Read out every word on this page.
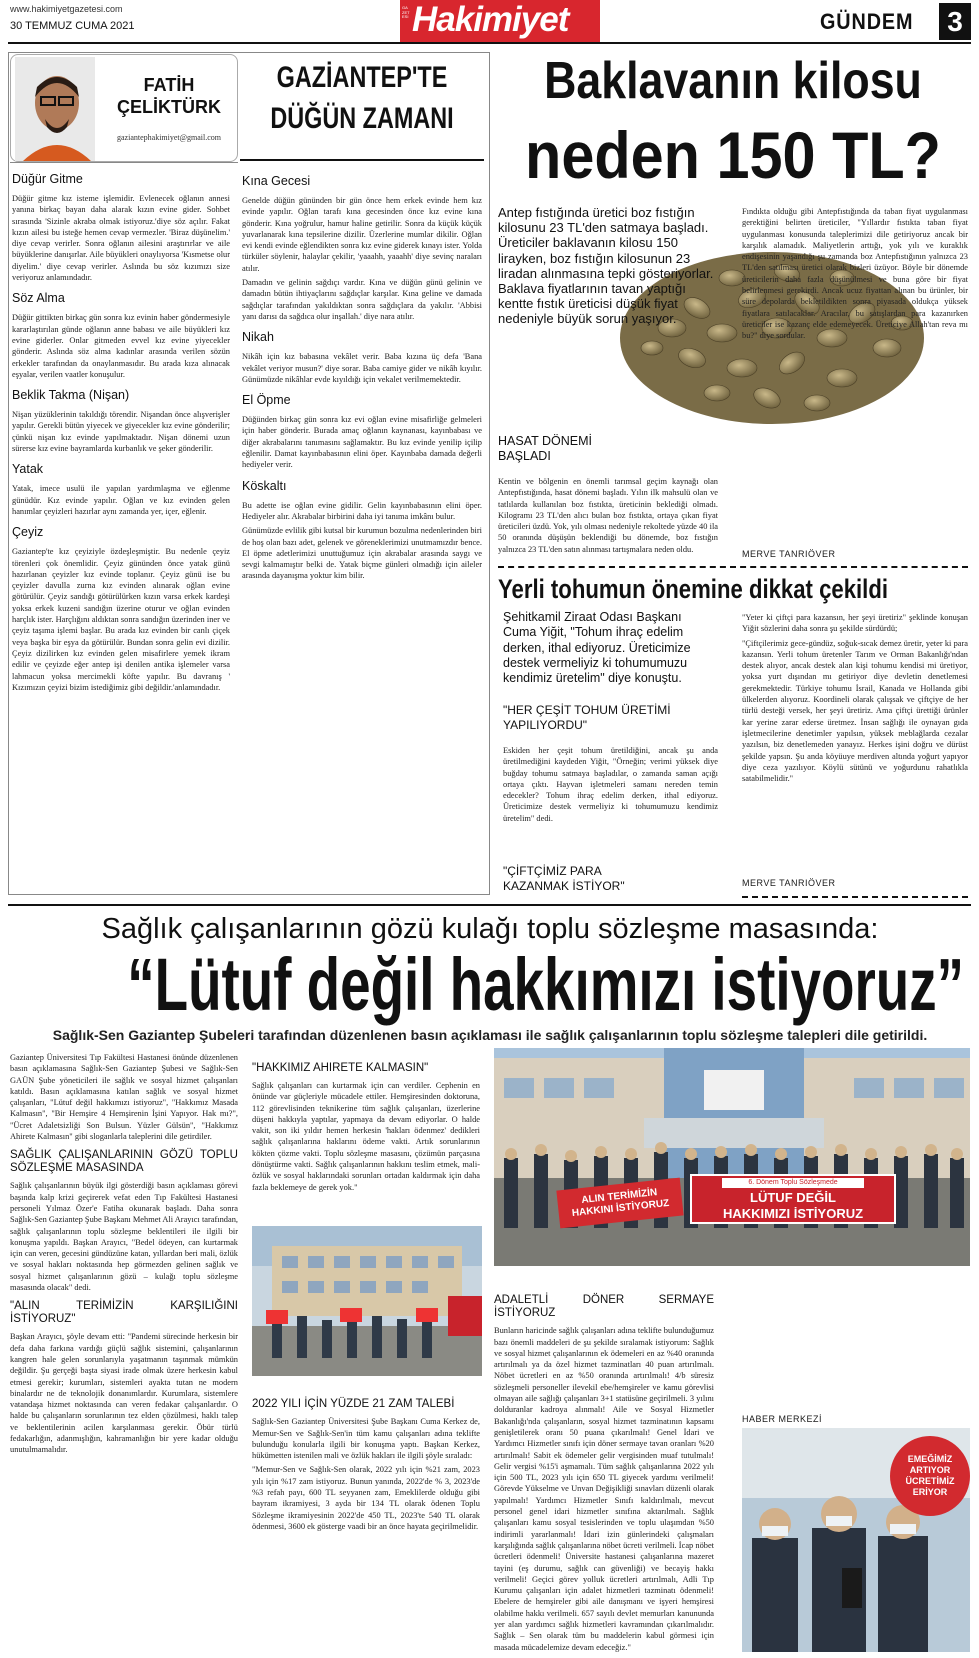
www.hakimiyetgazetesi.com
30 TEMMUZ CUMA 2021
GAZETESİ Hakimiyet	GÜNDEM 3
FATİH
ÇELİKTÜRK
gaziantephakimiyet@gmail.com
GAZİANTEP'TE
DÜĞÜN ZAMANI
Düğür Gitme

Düğür gitme kız isteme işlemidir. Evlenecek oğlanın annesi yanına birkaç bayan daha alarak kızın evine gider. Sohbet sırasında 'Sizinle akraba olmak istiyoruz.'diye söz açılır. Fakat kızın ailesi bu isteğe hemen cevap vermezler. 'Biraz düşünelim.' diye cevap verirler. Sonra oğlanın ailesini araştırırlar ve aile büyüklerine danışırlar. Aile büyükleri onaylıyorsa 'Kısmetse olur diyelim.' diye cevap verirler. Aslında bu söz kızımızı size veriyoruz anlamındadır.

Söz Alma

Düğür gittikten birkaç gün sonra kız evinin haber göndermesiyle kararlaştırılan günde oğlanın anne babası ve aile büyükleri kız evine giderler. Onlar gitmeden evvel kız evine yiyecekler gönderir. Aslında söz alma kadınlar arasında verilen sözün erkekler tarafından da onaylanmasıdır. Bu arada kıza alınacak eşyalar, verilen vaatler konuşulur.

Beklik Takma (Nişan)

Nişan yüzüklerinin takıldığı törendir. Nişandan önce alışverişler yapılır. Gerekli bütün yiyecek ve giyecekler kız evine gönderilir; çünkü nişan kız evinde yapılmaktadır. Nişan dönemi uzun sürerse kız evine bayramlarda kurbanlık ve şeker gönderilir.

Yatak

Yatak, imece usulü ile yapılan yardımlaşma ve eğlenme günüdür. Kız evinde yapılır. Oğlan ve kız evinden gelen hanımlar çeyizleri hazırlar aynı zamanda yer, içer, eğlenir.

Çeyiz

Gaziantep'te kız çeyiziyle özdeşleşmiştir. Bu nedenle çeyiz törenleri çok önemlidir. Çeyiz gününden önce yatak günü hazırlanan çeyizler kız evinde toplanır. Çeyiz günü ise bu çeyizler davulla zurna kız evinden alınarak oğlan evine götürülür. Çeyiz sandığı götürülürken kızın varsa erkek kardeşi yoksa erkek kuzeni sandığın üzerine oturur ve oğlan evinden harçlık ister. Harçlığını aldıktan sonra sandığın üzerinden iner ve çeyiz taşıma işlemi başlar. Bu arada kız evinden bir canlı çiçek veya başka bir eşya da götürülür. Bundan sonra gelin evi dizilir. Çeyiz dizilirken kız evinden gelen misafirlere yemek ikram edilir ve çeyizde eğer antep işi denilen antika işlemeler varsa lahmacun yoksa mercimekli köfte yapılır. Bu davranış ' Kızımızın çeyizi bizim istediğimiz gibi değildir.'anlamındadır.

Kına Gecesi

Genelde düğün gününden bir gün önce hem erkek evinde hem kız evinde yapılır. Oğlan tarafı kına gecesinden önce kız evine kına gönderir. Kına yoğrulur, hamur haline getirilir. Sonra da küçük küçük yuvarlanarak kına tepsilerine dizilir. Üzerlerine mumlar dikilir. Oğlan evi kendi evinde eğlendikten sonra kız evine giderek kınayı ister. Yolda türküler söylenir, halaylar çekilir, 'yaaahh, yaaahh' diye sevinç naraları atılır.

Damadın ve gelinin sağdıçı vardır. Kına ve düğün günü gelinin ve damadın bütün ihtiyaçlarını sağdıçlar karşılar. Kına geline ve damada sağdıçlar tarafından yakıldıktan sonra sağdıçlara da yakılır. 'Abbisi yanı darısı da sağdıca olur inşallah.' diye nara atılır.

Nikah

Nikâh için kız babasına vekâlet verir. Baba kızına üç defa 'Bana vekâlet veriyor musun?' diye sorar. Baba camiye gider ve nikâh kıyılır. Günümüzde nikâhlar evde kıyıldığı için vekalet verilmemektedir.

El Öpme

Düğünden birkaç gün sonra kız evi oğlan evine misafirliğe gelmeleri için haber gönderir. Burada amaç oğlanın kaynanası, kayınbabası ve diğer akrabalarını tanımasını sağlamaktır. Bu kız evinde yenilip içilip eğlenilir. Damat kayınbabasının elini öper. Kayınbaba damada değerli hediyeler verir.

Köskaltı

Bu adette ise oğlan evine gidilir. Gelin kayınbabasının elini öper. Hediyeler alır. Akrabalar birbirini daha iyi tanıma imkânı bulur.

Günümüzde evlilik gibi kutsal bir kurumun bozulma nedenlerinden biri de hoş olan bazı adet, gelenek ve göreneklerimizi unutmamızdır bence. El öpme adetlerimizi unuttuğumuz için akrabalar arasında saygı ve sevgi kalmamıştır belki de. Yatak biçme günleri olmadığı için aileler arasında dayanışma yoktur kim bilir.

Baklavanın kilosu
neden 150 TL?
Antep fıstığında üretici boz fıstığın kilosunu 23 TL'den satmaya başladı. Üreticiler baklavanın kilosu 150 lirayken, boz fıstığın kilosunun 23 liradan alınmasına tepki gösteriyorlar. Baklava fiyatlarının tavan yaptığı kentte fıstık üreticisi düşük fiyat nedeniyle büyük sorun yaşıyor.
HASAT DÖNEMİ BAŞLADI

Kentin ve bölgenin en önemli tarımsal geçim kaynağı olan Antepfıstığında, hasat dönemi başladı. Yılın ilk mahsulü olan ve tatlılarda kullanılan boz fıstıkta, üreticinin beklediği olmadı. Kilogramı 23 TL'den alıcı bulan boz fıstıkta, ortaya çıkan fiyat üreticileri üzdü. Yok, yılı olması nedeniyle rekoltede yüzde 40 ila 50 oranında düşüşün beklendiği bu dönemde, boz fıstığın yalnızca 23 TL'den satın alınması tartışmalara neden oldu.

Fındıkta olduğu gibi Antepfıstığında da taban fiyat uygulanması gerektiğini belirten üreticiler, "Yıllardır fıstıkta taban fiyat uygulanması konusunda taleplerimizi dile getiriyoruz ancak bir karşılık alamadık. Maliyetlerin arttığı, yok yılı ve kuraklık endişesinin yaşandığı şu zamanda boz Antepfıstığının yalnızca 23 TL'den satılması üretici olarak bizleri üzüyor. Böyle bir dönemde üreticilerin daha fazla düşünülmesi ve buna göre bir fiyat belirlenmesi gerekirdi. Ancak ucuz fiyattan alınan bu ürünler, bir süre depolarda bekletildikten sonra piyasada oldukça yüksek fiyatlara satılacaklar. Aracılar, bu satışlardan para kazanırken üreticiler ise kazanç elde edemeyecek. Üreticiye Allah'tan reva mı bu?" diye sordular.

MERVE TANRIÖVER
Yerli tohumun önemine dikkat çekildi
Şehitkamil Ziraat Odası Başkanı Cuma Yiğit, "Tohum ihraç edelim derken, ithal ediyoruz. Üreticimize destek vermeliyiz ki tohumumuzu kendimiz üretelim" diye konuştu.
"HER ÇEŞİT TOHUM ÜRETİMİ YAPILIYORDU"

Eskiden her çeşit tohum üretildiğini, ancak şu anda üretilmediğini kaydeden Yiğit, "Örneğin; verimi yüksek diye buğday tohumu satmaya başladılar, o zamanda saman açığı ortaya çıktı. Hayvan işletmeleri samanı nereden temin edecekler? Tohum ihraç edelim derken, ithal ediyoruz. Üreticimize destek vermeliyiz ki tohumumuzu kendimiz üretelim" dedi.

"ÇİFTÇİMİZ PARA KAZANMAK İSTİYOR"

"Yeter ki çiftçi para kazansın, her şeyi üretiriz" şeklinde konuşan Yiğit sözlerini daha sonra şu şekilde sürdürdü;

"Çiftçilerimiz gece-gündüz, soğuk-sıcak demez üretir, yeter ki para kazansın. Yerli tohum üretenler Tarım ve Orman Bakanlığı'ndan destek alıyor, ancak destek alan kişi tohumu kendisi mi üretiyor, yoksa yurt dışından mı getiriyor diye devletin denetlemesi gerekmektedir. Türkiye tohumu İsrail, Kanada ve Hollanda gibi ülkelerden alıyoruz. Koordineli olarak çalışsak ve çiftçiye de her türlü desteği versek, her şeyi üretiriz. Ama çiftçi ürettiği ürünler kar yerine zarar ederse üretmez. İnsan sağlığı ile oynayan gıda işletmecilerine denetimler yapılsın, yüksek meblağlarda cezalar yazılsın, biz denetlemeden yanayız. Herkes işini doğru ve dürüst şekilde yapsın. Şu anda köyüuye merdiven altında yoğurt yapıyor diye ceza yazılıyor. Köylü sütünü ve yoğurdunu rahatlıkla satabilmelidir."

MERVE TANRIÖVER
Sağlık çalışanlarının gözü kulağı toplu sözleşme masasında:
“Lütuf değil hakkımızı istiyoruz”
Sağlık-Sen Gaziantep Şubeleri tarafından düzenlenen basın açıklaması ile sağlık çalışanlarının toplu sözleşme talepleri dile getirildi.

Gaziantep Üniversitesi Tıp Fakültesi Hastanesi önünde düzenlenen basın açıklamasına Sağlık-Sen Gaziantep Şubesi ve Sağlık-Sen GAÜN Şube yöneticileri ile sağlık ve sosyal hizmet çalışanları katıldı. Basın açıklamasına katılan sağlık ve sosyal hizmet çalışanları, "Lütuf değil hakkımızı istiyoruz", "Hakkımız Masada Kalmasın", "Bir Hemşire 4 Hemşirenin İşini Yapıyor. Hak mı?", "Ücret Adaletsizliği Son Bulsun. Yüzler Gülsün", "Hakkımız Ahirete Kalmasın" gibi sloganlarla taleplerini dile getirdiler.

SAĞLIK ÇALIŞANLARININ GÖZÜ TOPLU SÖZLEŞME MASASINDA

Sağlık çalışanlarının büyük ilgi gösterdiği basın açıklaması görevi başında kalp krizi geçirerek vefat eden Tıp Fakültesi Hastanesi personeli Yılmaz Özer'e Fatiha okunarak başladı. Daha sonra Sağlık-Sen Gaziantep Şube Başkanı Mehmet Ali Arayıcı tarafından, sağlık çalışanlarının toplu sözleşme beklentileri ile ilgili bir konuşma yapıldı. Başkan Arayıcı, "Bedel ödeyen, can kurtarmak için can veren, gecesini gündüzüne katan, yıllardan beri mali, özlük ve sosyal hakları noktasında hep görmezden gelinen sağlık ve sosyal hizmet çalışanlarının gözü – kulağı toplu sözleşme masasında olacak" dedi.

"ALIN TERİMİZİN KARŞILIĞINI İSTİYORUZ"

Başkan Arayıcı, şöyle devam etti: "Pandemi sürecinde herkesin bir defa daha farkına vardığı güçlü sağlık sistemini, çalışanlarının kangren hale gelen sorunlarıyla yaşatmanın taşınmak mümkün değildir. Şu gerçeği başta siyasi irade olmak üzere herkesin kabul etmesi gerekir; kurumları, sistemleri ayakta tutan ne modern binalardır ne de teknolojik donanımlardır. Kurumlara, sistemlere vatandaşa hizmet noktasında can veren fedakar çalışanlardır. O halde bu çalışanların sorunlarının tez elden çözülmesi, haklı talep ve beklentilerinin acilen karşılanması gerekir. Öbür türlü fedakarlığın, adanmışlığın, kahramanlığın bir yere kadar olduğu unutulmamalıdır.

"HAKKIMIZ AHİRETE KALMASIN"

Sağlık çalışanları can kurtarmak için can verdiler. Cephenin en önünde var güçleriyle mücadele ettiler. Hemşiresinden doktoruna, 112 görevlisinden teknikerine tüm sağlık çalışanları, üzerlerine düşeni hakkıyla yaptılar, yapmaya da devam ediyorlar. O halde vakit, son iki yıldır hemen herkesin 'hakları ödenmez' dedikleri sağlık çalışanlarına haklarını ödeme vakti. Artık sorunlarının kökten çözme vakti. Toplu sözleşme masasını, çözümün parçasına dönüştürme vakti. Sağlık çalışanlarının hakkını teslim etmek, mali-özlük ve sosyal haklarındaki sorunları ortadan kaldırmak için daha fazla beklemeye de gerek yok."

2022 YILI İÇİN YÜZDE 21 ZAM TALEBİ

Sağlık-Sen Gaziantep Üniversitesi Şube Başkanı Cuma Kerkez de, Memur-Sen ve Sağlık-Sen'in tüm kamu çalışanları adına teklifte bulunduğu konularla ilgili bir konuşma yaptı. Başkan Kerkez, hükümetten istenilen mali ve özlük hakları ile ilgili şöyle sıraladı:

"Memur-Sen ve Sağlık-Sen olarak, 2022 yılı için %21 zam, 2023 yılı için %17 zam istiyoruz. Bunun yanında, 2022'de % 3, 2023'de %3 refah payı, 600 TL seyyanen zam, Emeklilerde olduğu gibi bayram ikramiyesi, 3 ayda bir 134 TL olarak ödenen Toplu Sözleşme ikramiyesinin 2022'de 450 TL, 2023'te 540 TL olarak ödenmesi, 3600 ek gösterge vaadi bir an önce hayata geçirilmelidir.

ALIN TERİMİZİN HAKKINI İSTİYORUZ
6. Dönem Toplu Sözleşmede
LÜTUF DEĞİL HAKKIMIZI İSTİYORUZ

ADALETLİ DÖNER SERMAYE İSTİYORUZ

Bunların haricinde sağlık çalışanları adına teklifte bulunduğumuz bazı önemli maddeleri de şu şekilde sıralamak istiyorum: Sağlık ve sosyal hizmet çalışanlarının ek ödemeleri en az %40 oranında artırılmalı ya da özel hizmet tazminatları 40 puan artırılmalı. Nöbet ücretleri en az %50 oranında artırılmalı! 4/b süresiz sözleşmeli personeller ilevekil ebe/hemşireler ve kamu görevlisi olmayan aile sağlığı çalışanları 3+1 statüsüne geçirilmeli. 3 yılını dolduranlar kadroya alınmalı! Aile ve Sosyal Hizmetler Bakanlığı'nda çalışanların, sosyal hizmet tazminatının kapsamı genişletilerek oranı 50 puana çıkarılmalı! Genel İdari ve Yardımcı Hizmetler sınıfı için döner sermaye tavan oranları %20 artırılmalı! Sabit ek ödemeler gelir vergisinden muaf tutulmalı! Gelir vergisi %15'i aşmamalı. Tüm sağlık çalışanlarına 2022 yılı için 500 TL, 2023 yılı için 650 TL giyecek yardımı verilmeli! Görevde Yükselme ve Unvan Değişikliği sınavları düzenli olarak yapılmalı! Yardımcı Hizmetler Sınıfı kaldırılmalı, mevcut personel genel idari hizmetler sınıfına aktarılmalı. Sağlık çalışanları kamu sosyal tesislerinden ve toplu ulaşımdan %50 indirimli yararlanmalı! İdari izin günlerindeki çalışmaları karşılığında sağlık çalışanlarına nöbet ücreti verilmeli. İcap nöbet ücretleri ödenmeli! Üniversite hastanesi çalışanlarına mazeret tayini (eş durumu, sağlık can güvenliği) ve becayiş hakkı verilmeli! Geçici görev yolluk ücretleri artırılmalı, Adli Tıp Kurumu çalışanları için adalet hizmetleri tazminatı ödenmeli! Ebelere de hemşireler gibi aile danışmanı ve işyeri hemşiresi olabilme hakkı verilmeli. 657 sayılı devlet memurları kanununda yer alan yardımcı sağlık hizmetleri kavramından çıkarılmalıdır. Sağlık – Sen olarak tüm bu maddelerin kabul görmesi için masada mücadelemize devam edeceğiz."

HABER MERKEZİ
EMEĞİMİZ ARTIYOR ÜCRETİMİZ ERİYOR
